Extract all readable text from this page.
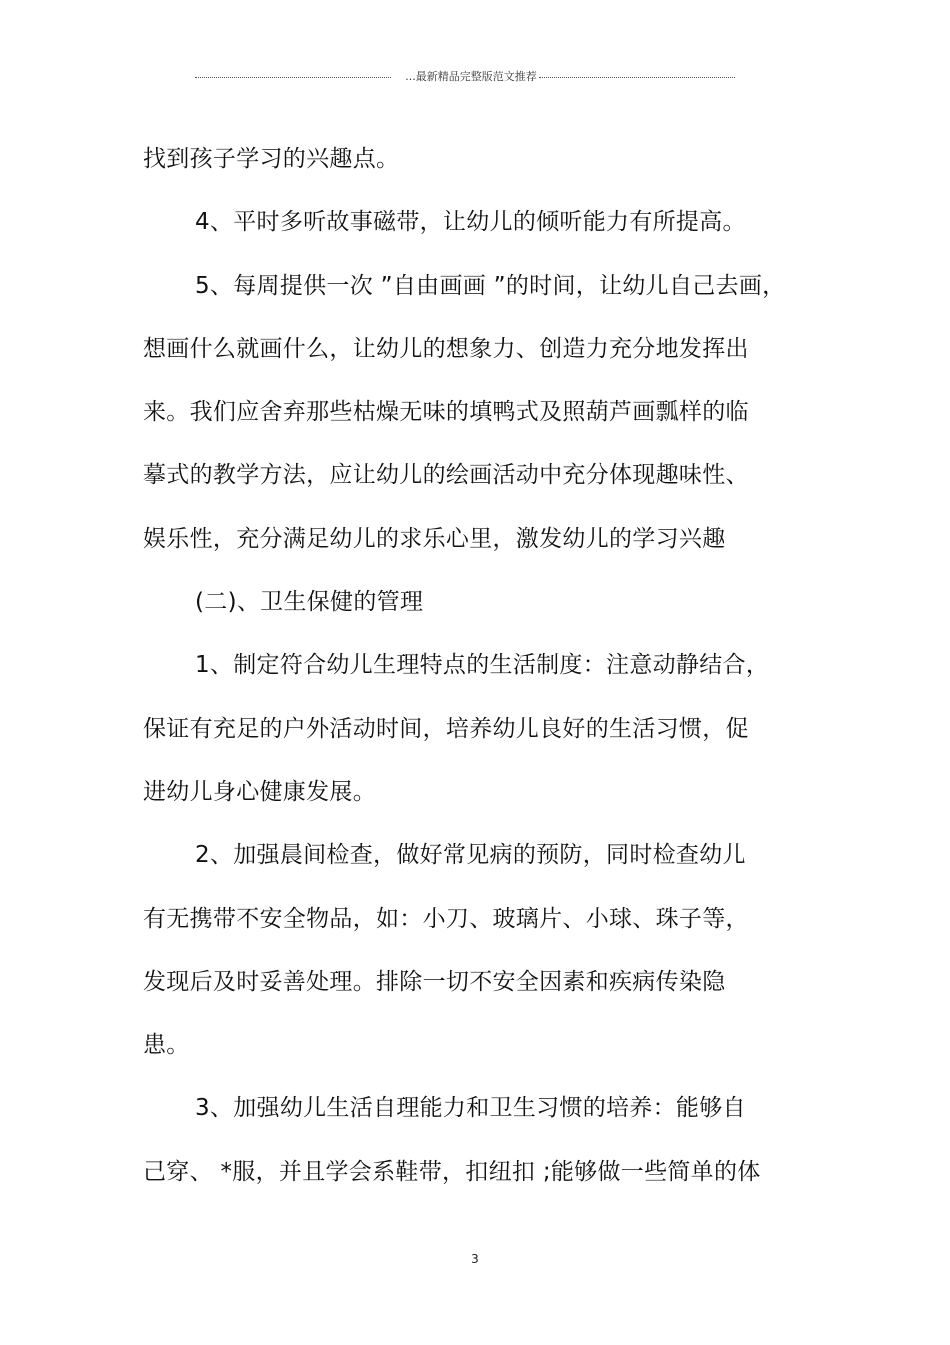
...最新精品完整版范文推荐
找到孩子学习的兴趣点。
4、平时多听故事磁带，让幼儿的倾听能力有所提高。
5、每周提供一次 ”自由画画 ”的时间，让幼儿自己去画，
想画什么就画什么，让幼儿的想象力、创造力充分地发挥出
来。我们应舍弃那些枯燥无味的填鸭式及照葫芦画瓢样的临
摹式的教学方法，应让幼儿的绘画活动中充分体现趣味性、
娱乐性，充分满足幼儿的求乐心里，激发幼儿的学习兴趣
(二)、卫生保健的管理
1、制定符合幼儿生理特点的生活制度：注意动静结合，
保证有充足的户外活动时间，培养幼儿良好的生活习惯，促
进幼儿身心健康发展。
2、加强晨间检查，做好常见病的预防，同时检查幼儿
有无携带不安全物品，如：小刀、玻璃片、小球、珠子等，
发现后及时妥善处理。排除一切不安全因素和疾病传染隐
患。
3、加强幼儿生活自理能力和卫生习惯的培养：能够自
己穿、 *服，并且学会系鞋带，扣纽扣 ;能够做一些简单的体
3
